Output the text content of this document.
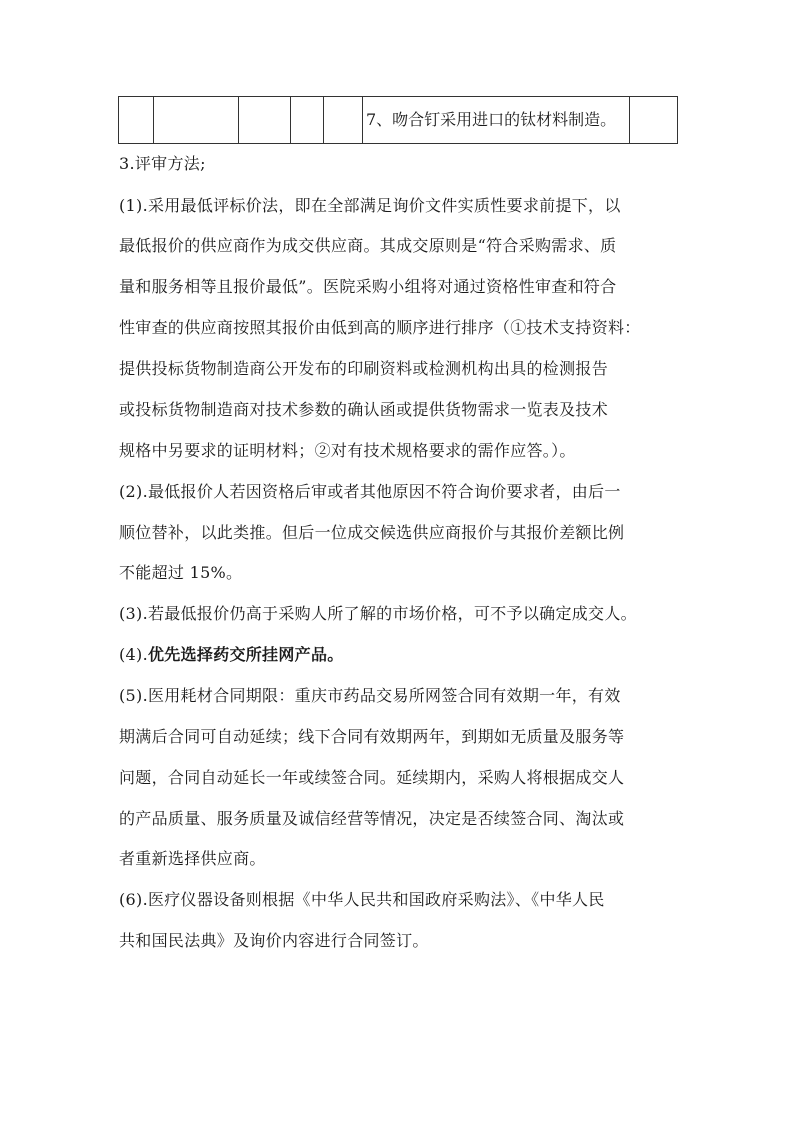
					7、吻合钉采用进口的钛材料制造。	
3.评审方法;
(1).采用最低评标价法，即在全部满足询价文件实质性要求前提下，以
最低报价的供应商作为成交供应商。其成交原则是“符合采购需求、质
量和服务相等且报价最低”。医院采购小组将对通过资格性审查和符合
性审查的供应商按照其报价由低到高的顺序进行排序（①技术支持资料：
提供投标货物制造商公开发布的印刷资料或检测机构出具的检测报告
或投标货物制造商对技术参数的确认函或提供货物需求一览表及技术
规格中另要求的证明材料；②对有技术规格要求的需作应答。）。
(2).最低报价人若因资格后审或者其他原因不符合询价要求者，由后一
顺位替补，以此类推。但后一位成交候选供应商报价与其报价差额比例
不能超过 15%。
(3).若最低报价仍高于采购人所了解的市场价格，可不予以确定成交人。
(4).优先选择药交所挂网产品。
(5).医用耗材合同期限：重庆市药品交易所网签合同有效期一年，有效
期满后合同可自动延续；线下合同有效期两年，到期如无质量及服务等
问题，合同自动延长一年或续签合同。延续期内，采购人将根据成交人
的产品质量、服务质量及诚信经营等情况，决定是否续签合同、淘汰或
者重新选择供应商。
(6).医疗仪器设备则根据《中华人民共和国政府采购法》、《中华人民
共和国民法典》及询价内容进行合同签订。
